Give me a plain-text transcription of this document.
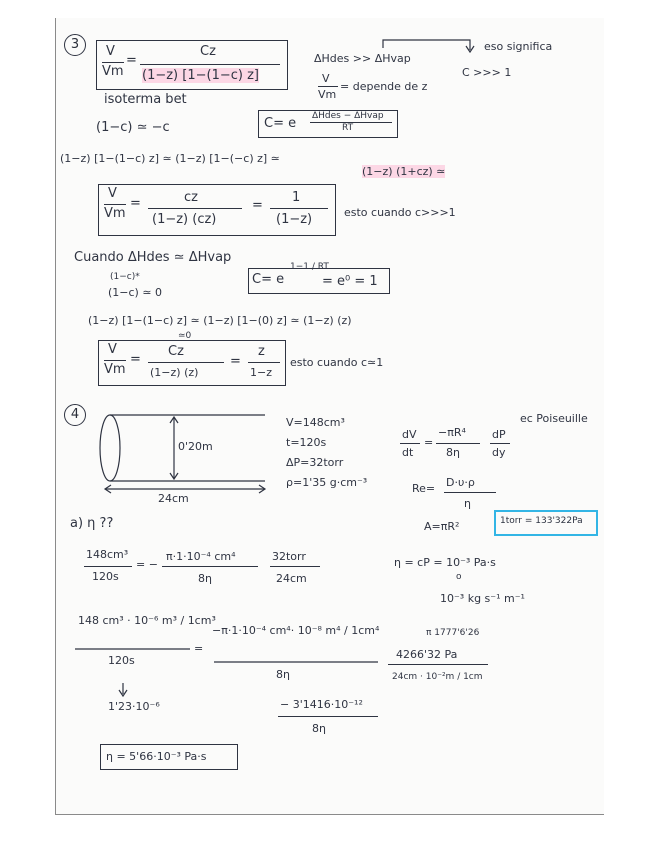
3	V
Vm
=
Cz
(1−z) [1−(1−c) z]
isoterma bet
ΔHdes >> ΔHvap
eso significa
C >>> 1
V
Vm
= depende de z
(1−c) ≃ −c	C= e ΔHdes − ΔHvap
RT
(1−z) [1−(1−c) z] ≃ (1−z) [1−(−c) z] ≃
(1−z) (1+cz) ≃
V
Vm
=	cz
(1−z) (cz)
=
1
(1−z)	esto cuando c>>>1
Cuando ΔHdes ≃ ΔHvap
(1−c)*
(1−c) ≃ 0
C= e
1−1 / RT
= e⁰ = 1
≃0
(1−z) [1−(1−c) z] ≃ (1−z) [1−(0) z] ≃ (1−z) (z)
V
Vm
=
Cz
(1−z) (z)
=
z
1−z
esto cuando c≃1
4
0'20m
24cm
V=148cm³
t=120s
ΔP=32torr
ρ=1'35 g·cm⁻³
ec Poiseuille
dV
dt
=
−πR⁴
8η
dP
dy
Re= D·υ·ρ
η
A=πR²	1torr = 133'322Pa
a) η ??
η = cP = 10⁻³ Pa·s
o
10⁻³ kg s⁻¹ m⁻¹
148cm³
120s
= −
π·1·10⁻⁴ cm⁴
8η
32torr
24cm
148 cm³ · 10⁻⁶ m³ / 1cm³
120s
=
−π·1·10⁻⁴ cm⁴· 10⁻⁸ m⁴ / 1cm⁴
8η
π 1777'6'26
4266'32 Pa
24cm · 10⁻²m / 1cm
1'23·10⁻⁶	− 3'1416·10⁻¹²
8η
η = 5'66·10⁻³ Pa·s
